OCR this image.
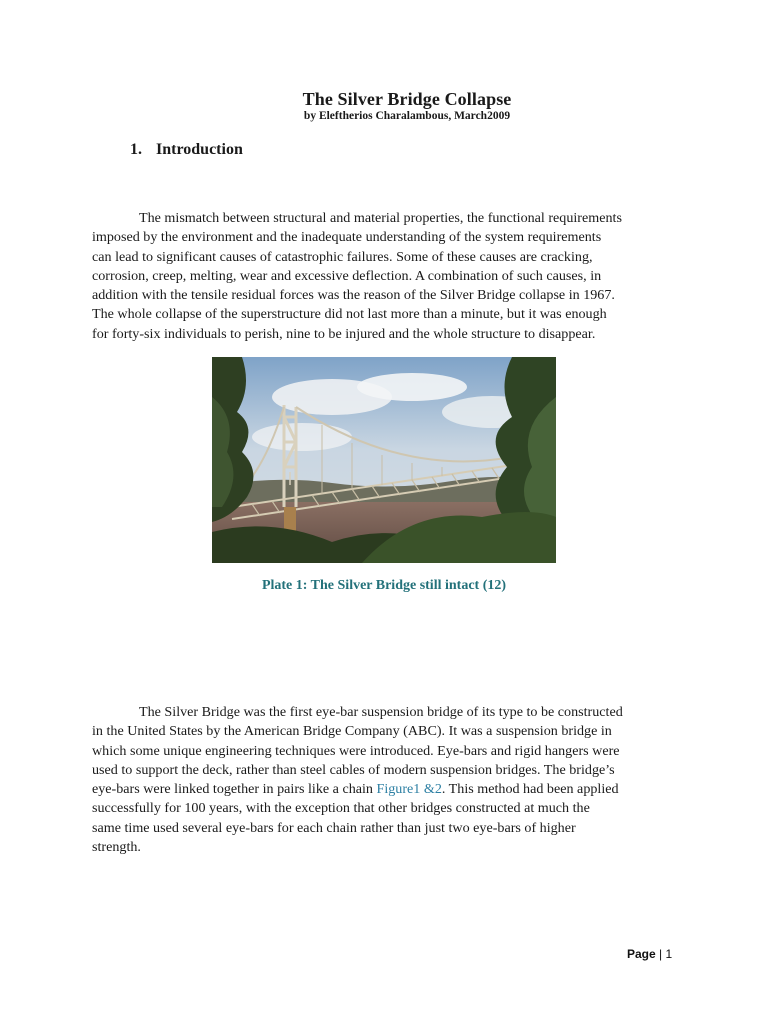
The Silver Bridge Collapse
by Eleftherios Charalambous, March2009
1. Introduction
The mismatch between structural and material properties, the functional requirements
imposed by the environment and the inadequate understanding of the system requirements
can lead to significant causes of catastrophic failures. Some of these causes are cracking,
corrosion, creep, melting, wear and excessive deflection. A combination of such causes, in
addition with the tensile residual forces was the reason of the Silver Bridge collapse in 1967.
The whole collapse of the superstructure did not last more than a minute, but it was enough
for forty-six individuals to perish, nine to be injured and the whole structure to disappear.
Plate 1: The Silver Bridge still intact (12)
The Silver Bridge was the first eye-bar suspension bridge of its type to be constructed
in the United States by the American Bridge Company (ABC). It was a suspension bridge in
which some unique engineering techniques were introduced. Eye-bars and rigid hangers were
used to support the deck, rather than steel cables of modern suspension bridges. The bridge’s
eye-bars were linked together in pairs like a chain Figure1 &2. This method had been applied
successfully for 100 years, with the exception that other bridges constructed at much the
same time used several eye-bars for each chain rather than just two eye-bars of higher
strength.
Page | 1
